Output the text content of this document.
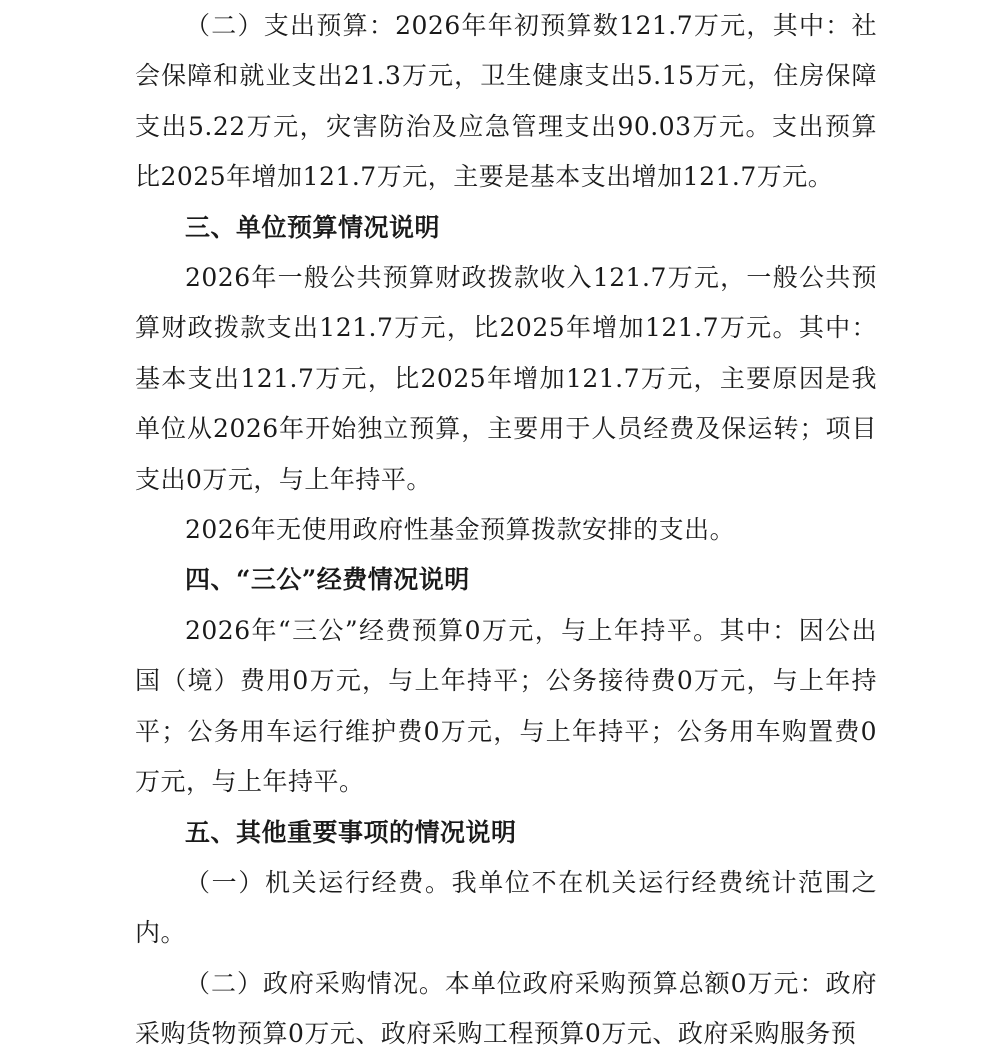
（二）支出预算：2026年年初预算数121.7万元，其中：社会保障和就业支出21.3万元，卫生健康支出5.15万元，住房保障支出5.22万元，灾害防治及应急管理支出90.03万元。支出预算比2025年增加121.7万元，主要是基本支出增加121.7万元。

三、单位预算情况说明

2026年一般公共预算财政拨款收入121.7万元，一般公共预算财政拨款支出121.7万元，比2025年增加121.7万元。其中：基本支出121.7万元，比2025年增加121.7万元，主要原因是我单位从2026年开始独立预算，主要用于人员经费及保运转；项目支出0万元，与上年持平。

2026年无使用政府性基金预算拨款安排的支出。

四、“三公”经费情况说明

2026年“三公”经费预算0万元，与上年持平。其中：因公出国（境）费用0万元，与上年持平；公务接待费0万元，与上年持平；公务用车运行维护费0万元，与上年持平；公务用车购置费0万元，与上年持平。

五、其他重要事项的情况说明

（一）机关运行经费。我单位不在机关运行经费统计范围之内。

（二）政府采购情况。本单位政府采购预算总额0万元：政府采购货物预算0万元、政府采购工程预算0万元、政府采购服务预
